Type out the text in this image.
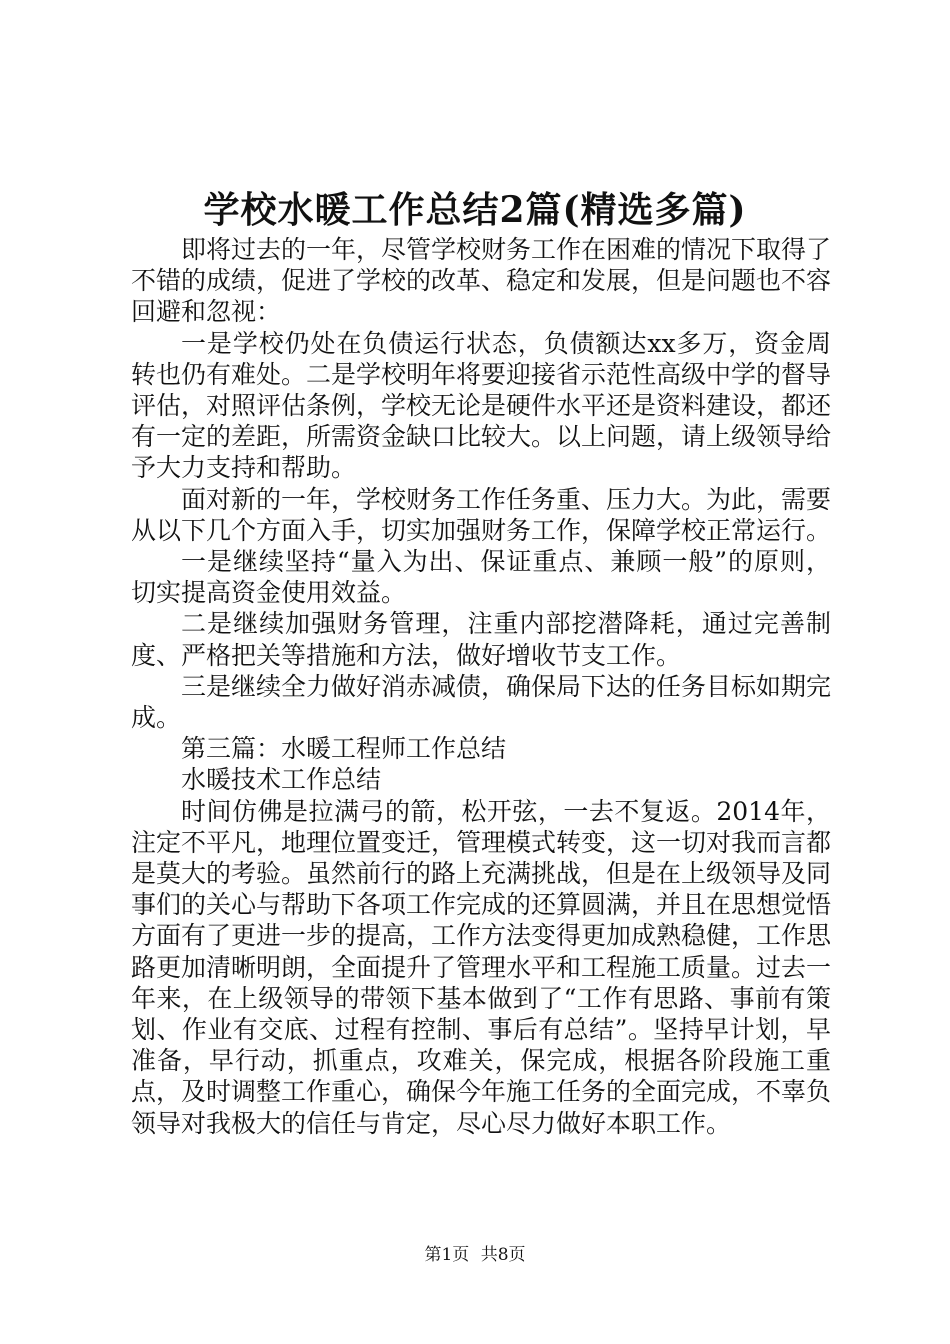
学校水暖工作总结2篇(精选多篇)

即将过去的一年，尽管学校财务工作在困难的情况下取得了不错的成绩，促进了学校的改革、稳定和发展，但是问题也不容回避和忽视：

一是学校仍处在负债运行状态，负债额达xx多万，资金周转也仍有难处。二是学校明年将要迎接省示范性高级中学的督导评估，对照评估条例，学校无论是硬件水平还是资料建设，都还有一定的差距，所需资金缺口比较大。以上问题，请上级领导给予大力支持和帮助。

面对新的一年，学校财务工作任务重、压力大。为此，需要从以下几个方面入手，切实加强财务工作，保障学校正常运行。

一是继续坚持“量入为出、保证重点、兼顾一般”的原则，切实提高资金使用效益。

二是继续加强财务管理，注重内部挖潜降耗，通过完善制度、严格把关等措施和方法，做好增收节支工作。

三是继续全力做好消赤减债，确保局下达的任务目标如期完成。

第三篇：水暖工程师工作总结

水暖技术工作总结

时间仿佛是拉满弓的箭，松开弦，一去不复返。2014年，注定不平凡，地理位置变迁，管理模式转变，这一切对我而言都是莫大的考验。虽然前行的路上充满挑战，但是在上级领导及同事们的关心与帮助下各项工作完成的还算圆满，并且在思想觉悟方面有了更进一步的提高，工作方法变得更加成熟稳健，工作思路更加清晰明朗，全面提升了管理水平和工程施工质量。过去一年来，在上级领导的带领下基本做到了“工作有思路、事前有策划、作业有交底、过程有控制、事后有总结”。坚持早计划，早准备，早行动，抓重点，攻难关，保完成，根据各阶段施工重点，及时调整工作重心，确保今年施工任务的全面完成，不辜负领导对我极大的信任与肯定，尽心尽力做好本职工作。

第1页 共8页
